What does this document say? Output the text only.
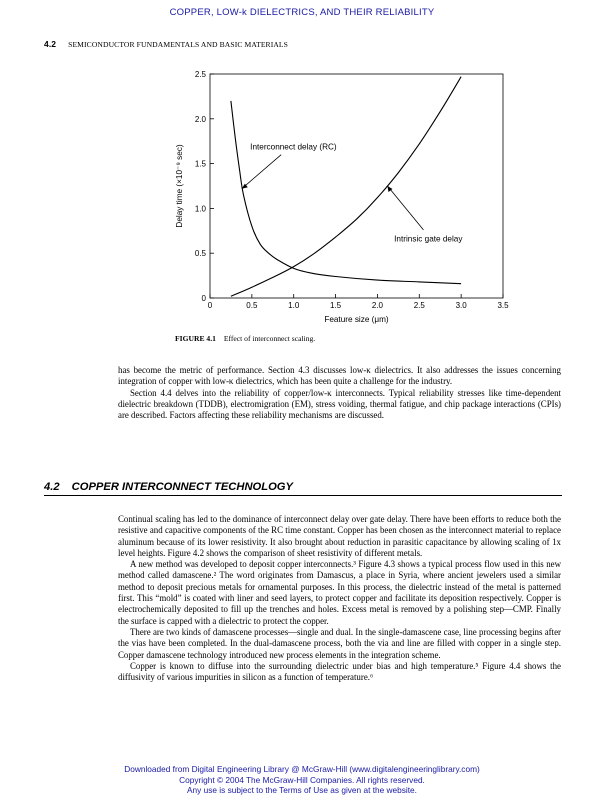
COPPER, LOW-k DIELECTRICS, AND THEIR RELIABILITY
4.2 SEMICONDUCTOR FUNDAMENTALS AND BASIC MATERIALS
0	0.5	1.0	1.5	2.0	2.5	3.0	3.5
0
0.5
1.0
1.5
2.0
2.5
Feature size (μm)
Delay time (×10⁻⁹ sec)	Interconnect delay (RC)
Intrinsic gate delay
FIGURE 4.1 Effect of interconnect scaling.

has become the metric of performance. Section 4.3 discusses low-κ dielectrics. It also addresses the issues concerning integration of copper with low-κ dielectrics, which has been quite a challenge for the industry.

Section 4.4 delves into the reliability of copper/low-κ interconnects. Typical reliability stresses like time-dependent dielectric breakdown (TDDB), electromigration (EM), stress voiding, thermal fatigue, and chip package interactions (CPIs) are described. Factors affecting these reliability mechanisms are discussed.

4.2 COPPER INTERCONNECT TECHNOLOGY

Continual scaling has led to the dominance of interconnect delay over gate delay. There have been efforts to reduce both the resistive and capacitive components of the RC time constant. Copper has been chosen as the interconnect material to replace aluminum because of its lower resistivity. It also brought about reduction in parasitic capacitance by allowing scaling of 1x level heights. Figure 4.2 shows the comparison of sheet resistivity of different metals.

A new method was developed to deposit copper interconnects.³ Figure 4.3 shows a typical process flow used in this new method called damascene.² The word originates from Damascus, a place in Syria, where ancient jewelers used a similar method to deposit precious metals for ornamental purposes. In this process, the dielectric instead of the metal is patterned first. This “mold” is coated with liner and seed layers, to protect copper and facilitate its deposition respectively. Copper is electrochemically deposited to fill up the trenches and holes. Excess metal is removed by a polishing step—CMP. Finally the surface is capped with a dielectric to protect the copper.

There are two kinds of damascene processes—single and dual. In the single-damascene case, line processing begins after the vias have been completed. In the dual-damascene process, both the via and line are filled with copper in a single step. Copper damascene technology introduced new process elements in the integration scheme.

Copper is known to diffuse into the surrounding dielectric under bias and high temperature.⁵ Figure 4.4 shows the diffusivity of various impurities in silicon as a function of temperature.⁶

Downloaded from Digital Engineering Library @ McGraw-Hill (www.digitalengineeringlibrary.com)
Copyright © 2004 The McGraw-Hill Companies. All rights reserved.
Any use is subject to the Terms of Use as given at the website.
